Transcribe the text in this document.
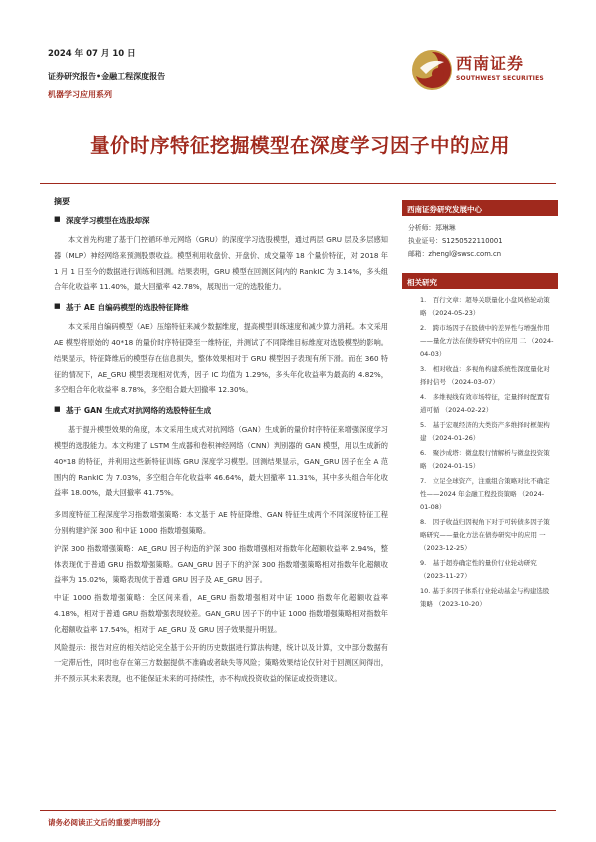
2024 年 07 月 10 日
证券研究报告•金融工程深度报告
机器学习应用系列
西南证券
SOUTHWEST SECURITIES
量价时序特征挖掘模型在深度学习因子中的应用
摘要
■ 深度学习模型在选股却深

本文首先构建了基于门控循环单元网络（GRU）的深度学习选股模型，通过两层 GRU 层及多层感知器（MLP）神经网络来预测股票收益。模型利用收盘价、开盘价、成交量等 18 个量价特征，对 2018 年 1 月 1 日至今的数据进行训练和回测。结果表明，GRU 模型在回测区间内的 RankIC 为 3.14%，多头组合年化收益率 11.40%，最大回撤率 42.78%，展现出一定的选股能力。

■ 基于 AE 自编码模型的选股特征降维

本文采用自编码模型（AE）压缩特征来减少数据维度，提高模型训练速度和减少算力消耗。本文采用 AE 模型将原始的 40*18 的量价时序特征降至一维特征，并测试了不同降维目标维度对选股模型的影响。结果显示，特征降维后的模型存在信息损失，整体效果相对于 GRU 模型因子表现有所下滑。而在 360 特征的情况下，AE_GRU 模型表现相对优秀，因子 IC 均值为 1.29%，多头年化收益率为最高的 4.82%，多空组合年化收益率 8.78%，多空组合最大回撤率 12.30%。

■ 基于 GAN 生成式对抗网络的选股特征生成

基于提升模型效果的角度，本文采用生成式对抗网络（GAN）生成新的量价时序特征来增强深度学习模型的选股能力。本文构建了 LSTM 生成器和卷积神经网络（CNN）判别器的 GAN 模型，用以生成新的 40*18 的特征，并利用这些新特征训练 GRU 深度学习模型。回测结果显示，GAN_GRU 因子在全 A 范围内的 RankIC 为 7.03%，多空组合年化收益率 46.64%，最大回撤率 11.31%，其中多头组合年化收益率 18.00%，最大回撤率 41.75%。

多周度特征工程深度学习指数增强策略：本文基于 AE 特征降维、GAN 特征生成两个不同深度特征工程分别构建沪深 300 和中证 1000 指数增强策略。

沪深 300 指数增强策略：AE_GRU 因子构造的沪深 300 指数增强相对指数年化超额收益率 2.94%，整体表现优于普通 GRU 指数增强策略。GAN_GRU 因子下的沪深 300 指数增强策略相对指数年化超额收益率为 15.02%，策略表现优于普通 GRU 因子及 AE_GRU 因子。

中证 1000 指数增强策略：全区间来看，AE_GRU 指数增强相对中证 1000 指数年化超额收益率 4.18%，相对于普通 GRU 指数增强表现较差。GAN_GRU 因子下的中证 1000 指数增强策略相对指数年化超额收益率 17.54%，相对于 AE_GRU 及 GRU 因子效果提升明显。

风险提示：报告对应的相关结论完全基于公开的历史数据进行算法构建，统计以及计算，文中部分数据有一定滞后性，同时也存在第三方数据提供不准确或者缺失等风险；策略效果结论仅针对于回测区间得出，并不预示其未来表现，也不能保证未来的可持续性，亦不构成投资收益的保证或投资建议。

西南证券研究发展中心
分析师：郑琳琳
执业证号：S1250522110001
邮箱：zhengl@swsc.com.cn
相关研究
1.　百行文章：超导关联量化小盘风格轮动策略 （2024-05-23）
2.　跨市场因子在股债中的差异性与增强作用——量化方法在债券研究中的应用 二 （2024-04-03）
3.　相对收益：多视角构建系统性深度量化对择时信号 （2024-03-07）
4.　多维视线有效市场特征，定量择时配置有道可循 （2024-02-22）
5.　基于宏观经济的大类资产多维择时框架构建 （2024-01-26）
6.　聚沙成塔：微盘股行情解析与微盘投资策略 （2024-01-15）
7.　立足全球资产，注重组合策略对比不确定性——2024 年金融工程投资策略 （2024-01-08）
8.　因子收益归因视角下对于可转债多因子策略研究——量化方法在债券研究中的应用 一 （2023-12-25）
9.　基于超券确定性的量价行业轮动研究 （2023-11-27）
10. 基于多因子体系行业轮动基金与构建选股策略 （2023-10-20）
请务必阅读正文后的重要声明部分
